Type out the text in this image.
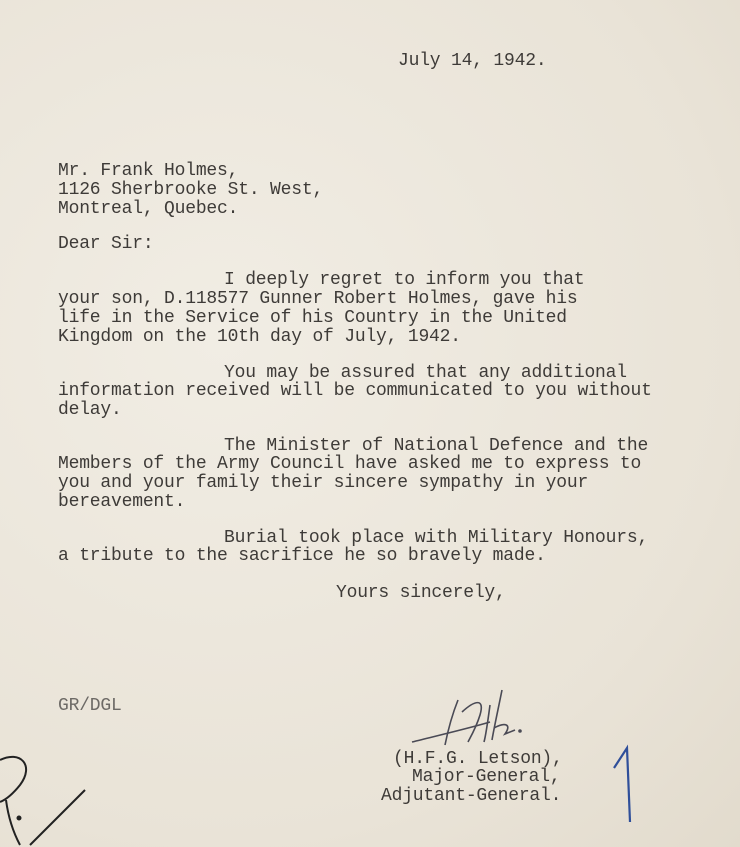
July 14, 1942.
Mr. Frank Holmes,
1126 Sherbrooke St. West,
Montreal, Quebec.
Dear Sir:
I deeply regret to inform you that
your son, D.118577 Gunner Robert Holmes, gave his
life in the Service of his Country in the United
Kingdom on the 10th day of July, 1942.
You may be assured that any additional
information received will be communicated to you without
delay.
The Minister of National Defence and the
Members of the Army Council have asked me to express to
you and your family their sincere sympathy in your
bereavement.
Burial took place with Military Honours,
a tribute to the sacrifice he so bravely made.
Yours sincerely,
GR/DGL
(H.F.G. Letson),
Major-General,
Adjutant-General.
